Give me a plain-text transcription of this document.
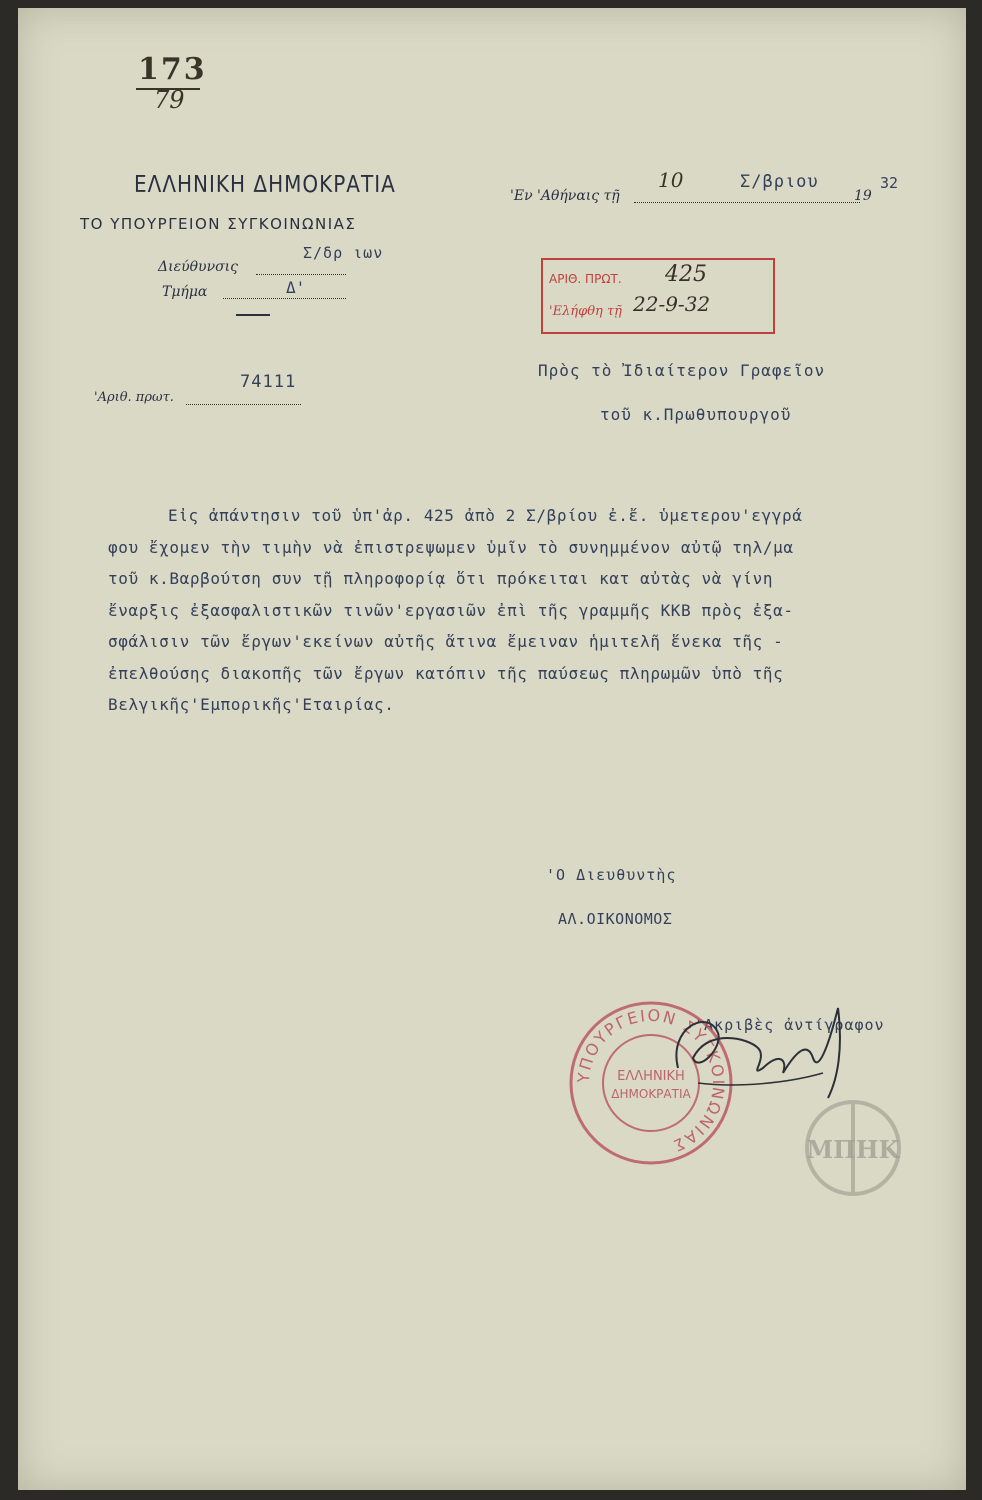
173
79
ΕΛΛΗΝΙΚΗ ΔΗΜΟΚΡΑΤΙΑ
ΤΟ ΥΠΟΥΡΓΕΙΟΝ ΣΥΓΚΟΙΝΩΝΙΑΣ
Διεύθυνσις
Σ/δρ ιων
Τμήμα	Δ'
74111
'Αριθ. πρωτ.
'Εν 'Αθήναις τῇ
10	Σ/βριου
19
32
ΑΡΙΘ. ΠΡΩΤ. 425
'Ελήφθη τῇ 22-9-32
Πρὸς τὸ Ἰδιαίτερον Γραφεῖον
τοῦ κ.Πρωθυπουργοῦ
Εἰς ἀπάντησιν τοῦ ὑπ'ἀρ. 425 ἀπὸ 2 Σ/βρίου ἐ.ἔ. ὑμετερου'εγγρά
φου ἔχομεν τὴν τιμὴν νὰ ἐπιστρεψωμεν ὑμῖν τὸ συνημμένον αὐτῷ τηλ/μα
τοῦ κ.Βαρβούτση συν τῇ πληροφορίᾳ ὅτι πρόκειται κατ αὐτὰς νὰ γίνη
ἔναρξις ἐξασφαλιστικῶν τινῶν'εργασιῶν ἐπὶ τῆς γραμμῆς ΚΚΒ πρὸς ἐξα-
σφάλισιν τῶν ἔργων'εκείνων αὐτῆς ἅτινα ἔμειναν ἡμιτελῆ ἕνεκα τῆς -
ἐπελθούσης διακοπῆς τῶν ἔργων κατόπιν τῆς παύσεως πληρωμῶν ὑπὸ τῆς
Βελγικῆς'Εμπορικῆς'Εταιρίας.
'Ο Διευθυντὴς
ΑΛ.ΟΙΚΟΝΟΜΟΣ
'Ακριβὲς ἀντίγραφον
ΥΠΟΥΡΓΕΙΟΝ ΣΥΓΚΟΙΝΩΝΙΑΣ
ΕΛΛΗΝΙΚΗ
ΔΗΜΟΚΡΑΤΙΑ
ΜΠΗΚ
